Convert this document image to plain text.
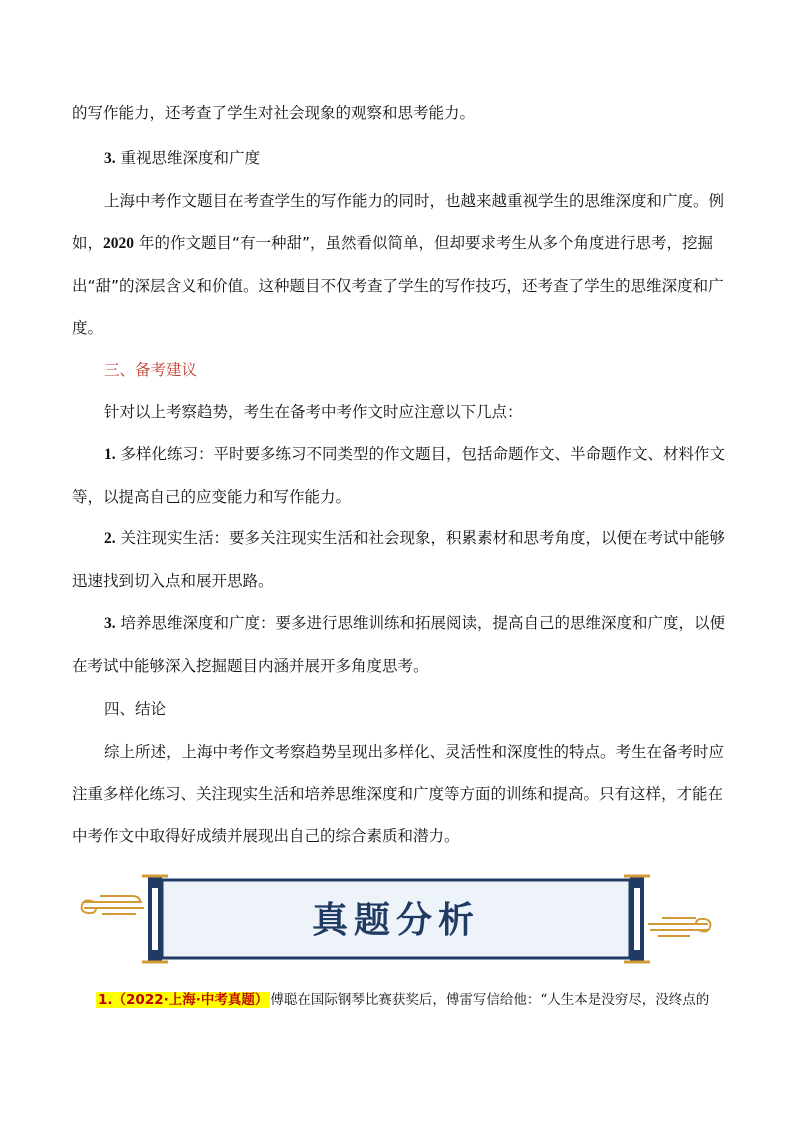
的写作能力，还考查了学生对社会现象的观察和思考能力。

3. 重视思维深度和广度

上海中考作文题目在考查学生的写作能力的同时，也越来越重视学生的思维深度和广度。例如，2020 年的作文题目“有一种甜”，虽然看似简单，但却要求考生从多个角度进行思考，挖掘出“甜”的深层含义和价值。这种题目不仅考查了学生的写作技巧，还考查了学生的思维深度和广度。

三、备考建议

针对以上考察趋势，考生在备考中考作文时应注意以下几点：

1. 多样化练习：平时要多练习不同类型的作文题目，包括命题作文、半命题作文、材料作文等，以提高自己的应变能力和写作能力。

2. 关注现实生活：要多关注现实生活和社会现象，积累素材和思考角度，以便在考试中能够迅速找到切入点和展开思路。

3. 培养思维深度和广度：要多进行思维训练和拓展阅读，提高自己的思维深度和广度，以便在考试中能够深入挖掘题目内涵并展开多角度思考。

四、结论

综上所述，上海中考作文考察趋势呈现出多样化、灵活性和深度性的特点。考生在备考时应注重多样化练习、关注现实生活和培养思维深度和广度等方面的训练和提高。只有这样，才能在中考作文中取得好成绩并展现出自己的综合素质和潜力。

真题分析
1.（2022·上海·中考真题） 傅聪在国际钢琴比赛获奖后，傅雷写信给他：“人生本是没穷尽，没终点的
